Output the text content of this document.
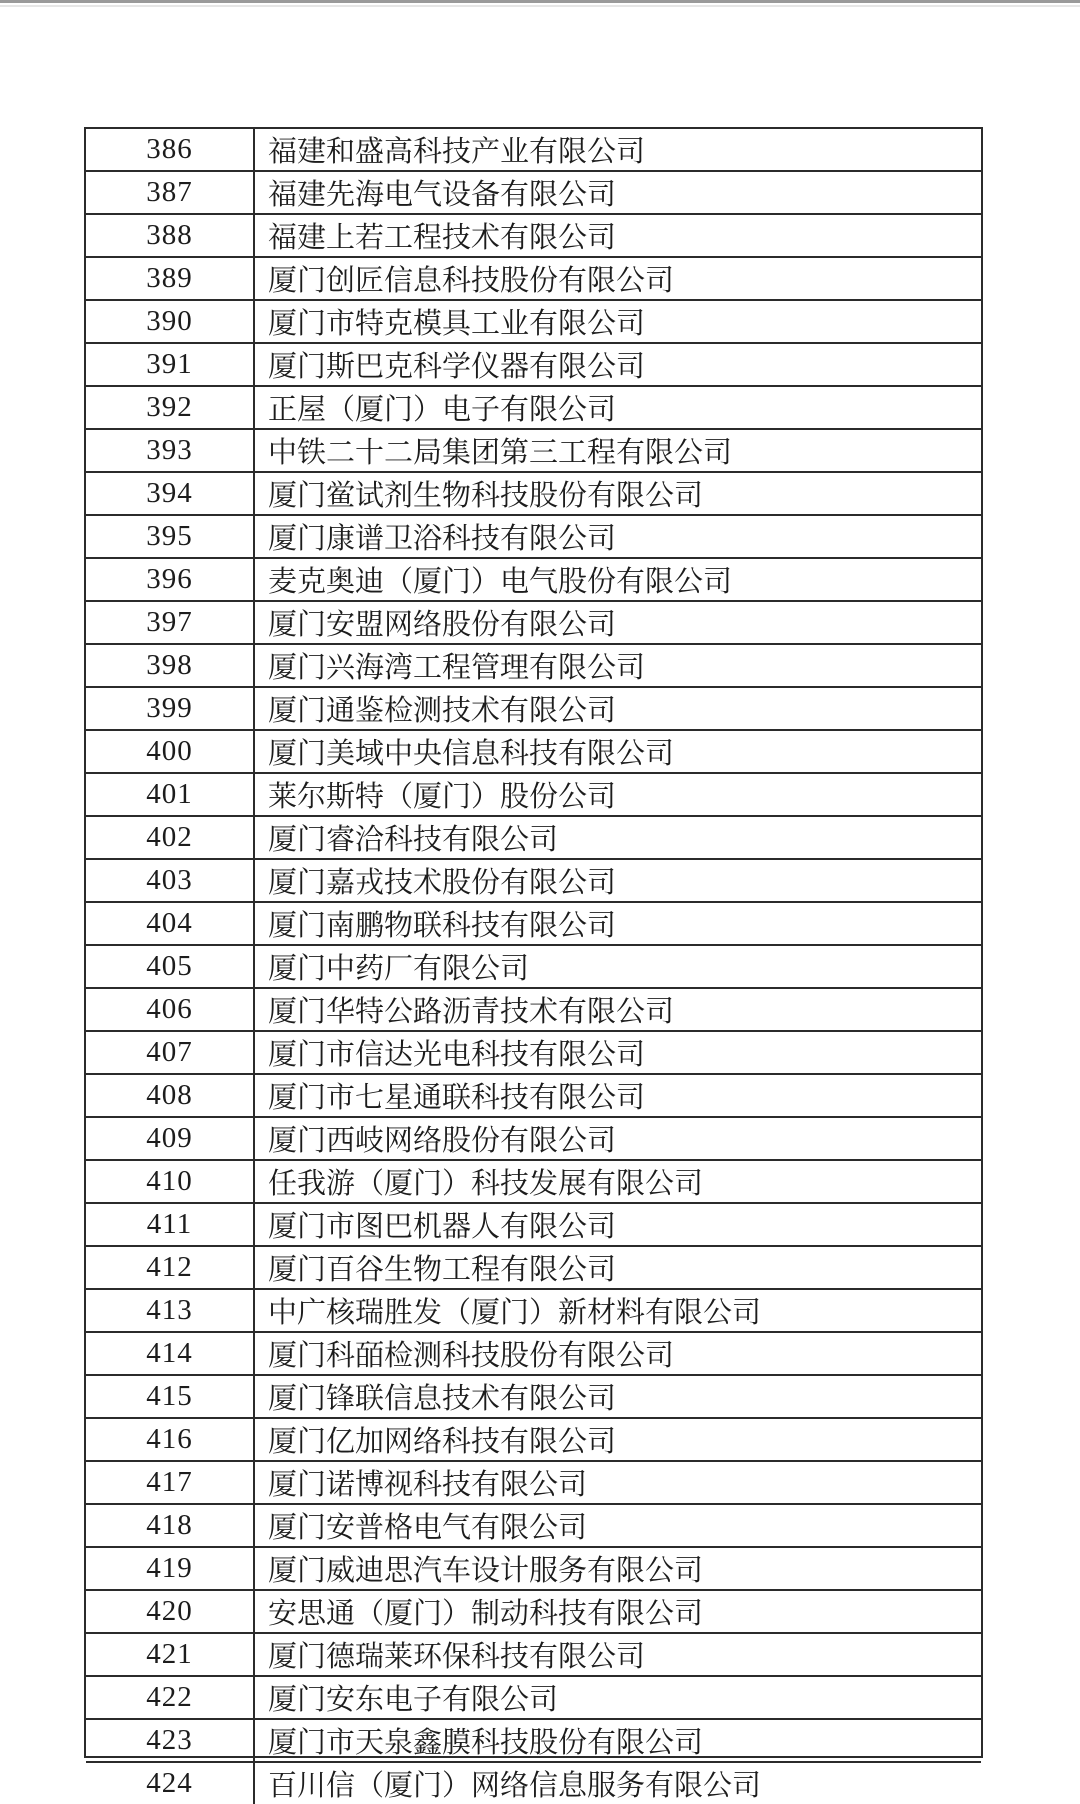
386	福建和盛高科技产业有限公司
387	福建先海电气设备有限公司
388	福建上若工程技术有限公司
389	厦门创匠信息科技股份有限公司
390	厦门市特克模具工业有限公司
391	厦门斯巴克科学仪器有限公司
392	正屋（厦门）电子有限公司
393	中铁二十二局集团第三工程有限公司
394	厦门鲎试剂生物科技股份有限公司
395	厦门康谱卫浴科技有限公司
396	麦克奥迪（厦门）电气股份有限公司
397	厦门安盟网络股份有限公司
398	厦门兴海湾工程管理有限公司
399	厦门通鉴检测技术有限公司
400	厦门美域中央信息科技有限公司
401	莱尔斯特（厦门）股份公司
402	厦门睿洽科技有限公司
403	厦门嘉戎技术股份有限公司
404	厦门南鹏物联科技有限公司
405	厦门中药厂有限公司
406	厦门华特公路沥青技术有限公司
407	厦门市信达光电科技有限公司
408	厦门市七星通联科技有限公司
409	厦门西岐网络股份有限公司
410	任我游（厦门）科技发展有限公司
411	厦门市图巴机器人有限公司
412	厦门百谷生物工程有限公司
413	中广核瑞胜发（厦门）新材料有限公司
414	厦门科皕检测科技股份有限公司
415	厦门锋联信息技术有限公司
416	厦门亿加网络科技有限公司
417	厦门诺博视科技有限公司
418	厦门安普格电气有限公司
419	厦门威迪思汽车设计服务有限公司
420	安思通（厦门）制动科技有限公司
421	厦门德瑞莱环保科技有限公司
422	厦门安东电子有限公司
423	厦门市天泉鑫膜科技股份有限公司
424	百川信（厦门）网络信息服务有限公司
